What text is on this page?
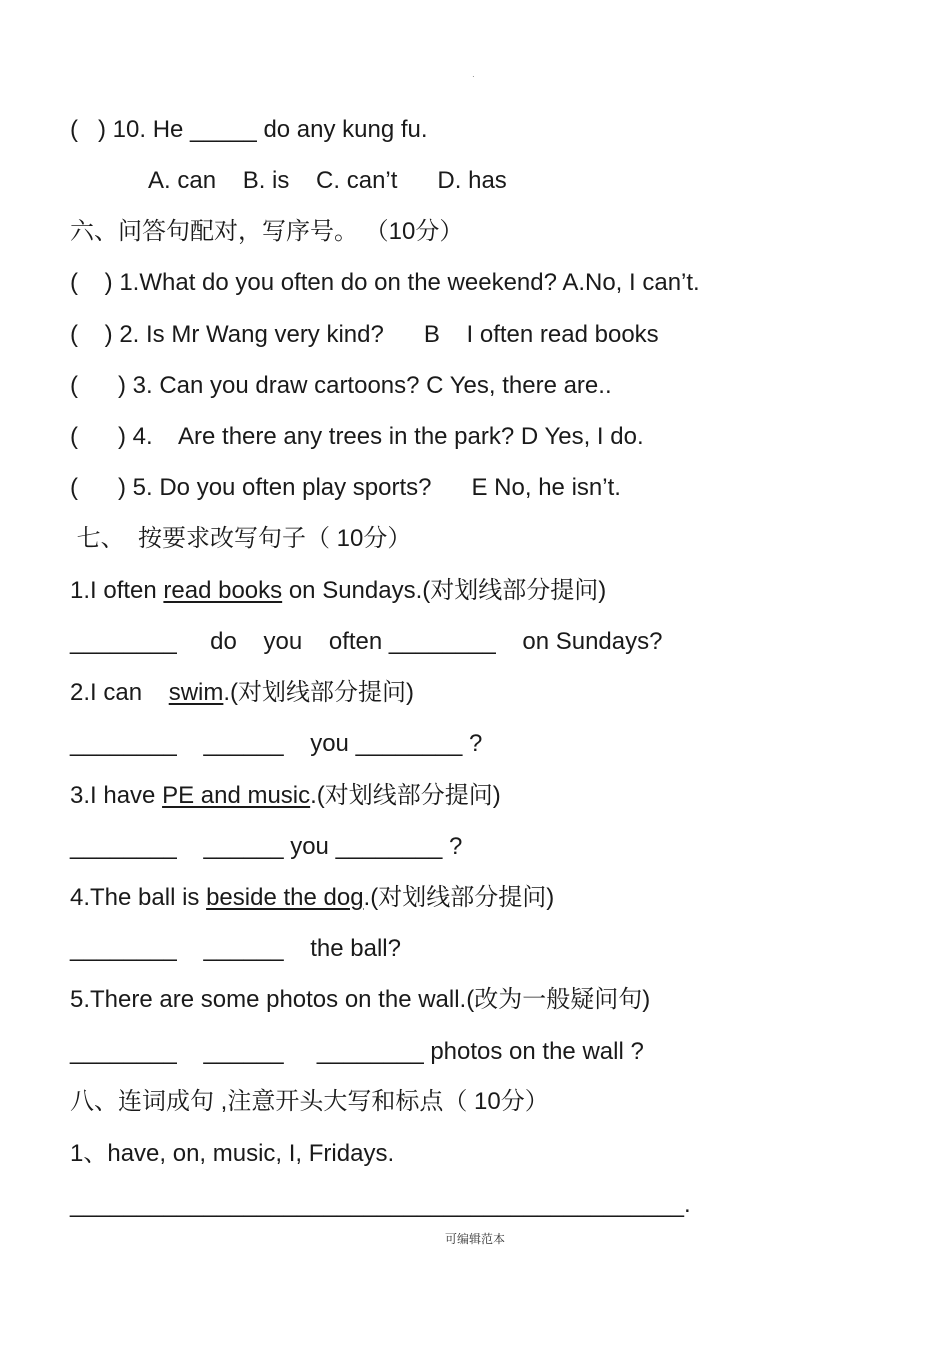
·
(   ) 10. He _____ do any kung fu.
A. can    B. is    C. can’t      D. has
六、问答句配对，写序号。 （10分）
(    ) 1.What do you often do on the weekend? A.No, I can’t.
(    ) 2. Is Mr Wang very kind?      B    I often read books
(      ) 3. Can you draw cartoons? C Yes, there are..
(      ) 4.    Are there any trees in the park? D Yes, I do.
(      ) 5. Do you often play sports?      E No, he isn’t.
七、  按要求改写句子（ 10分）
1.I often read books on Sundays.(对划线部分提问)
________     do    you    often ________    on Sundays?
2.I can    swim.(对划线部分提问)
________    ______    you ________ ?
3.I have PE and music.(对划线部分提问)
________    ______ you ________ ?
4.The ball is beside the dog.(对划线部分提问)
________    ______    the ball?
5.There are some photos on the wall.(改为一般疑问句)
________    ______     ________ photos on the wall ?
八、连词成句 ,注意开头大写和标点（ 10分）
1、have, on, music, I, Fridays.
______________________________________________.
可编辑范本
